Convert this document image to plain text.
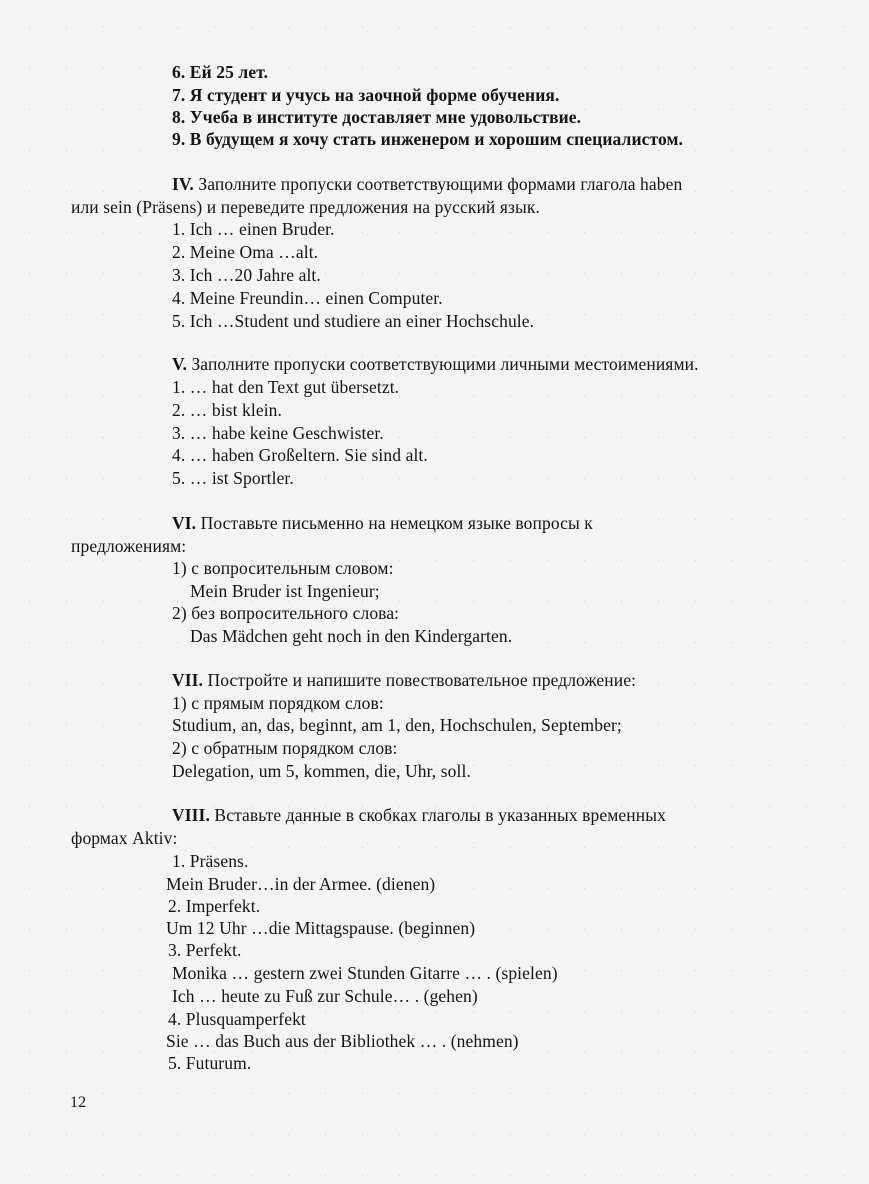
6. Ей 25 лет.
7. Я студент и учусь на заочной форме обучения.
8. Учеба в институте доставляет мне удовольствие.
9. В будущем я хочу стать инженером и хорошим специалистом.
IV. Заполните пропуски соответствующими формами глагола haben
или sein (Präsens) и переведите предложения на русский язык.
1. Ich … einen Bruder.
2. Meine Oma …alt.
3. Ich …20 Jahre alt.
4. Meine Freundin… einen Computer.
5. Ich …Student und studiere an einer Hochschule.
V. Заполните пропуски соответствующими личными местоимениями.
1. … hat den Text gut übersetzt.
2. … bist klein.
3. … habe keine Geschwister.
4. … haben Großeltern. Sie sind alt.
5. … ist Sportler.
VI. Поставьте письменно на немецком языке вопросы к
предложениям:
1) с вопросительным словом:
Mein Bruder ist Ingenieur;
2) без вопросительного слова:
Das Mädchen geht noch in den Kindergarten.
VII. Постройте и напишите повествовательное предложение:
1) с прямым порядком слов:
Studium, an, das, beginnt, am 1, den, Hochschulen, September;
2) с обратным порядком слов:
Delegation, um 5, kommen, die, Uhr, soll.
VIII. Вставьте данные в скобках глаголы в указанных временных
формах Aktiv:
1. Präsens.
Mein Bruder…in der Armee. (dienen)
2. Imperfekt.
Um 12 Uhr …die Mittagspause. (beginnen)
3. Perfekt.
Monika … gestern zwei Stunden Gitarre … . (spielen)
Ich … heute zu Fuß zur Schule… . (gehen)
4. Plusquamperfekt
Sie … das Buch aus der Bibliothek … . (nehmen)
5. Futurum.
12
